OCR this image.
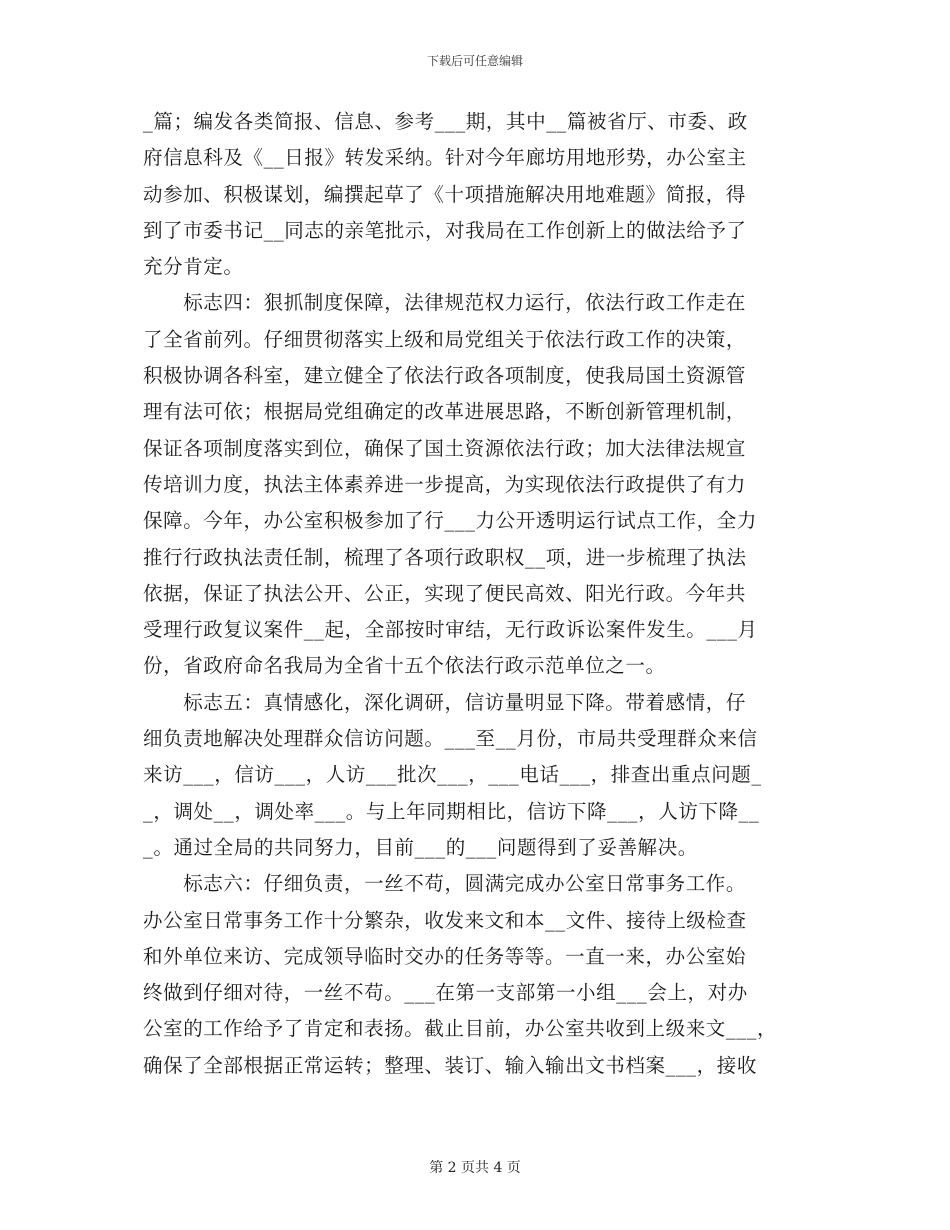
下载后可任意编辑
_篇；编发各类简报、信息、参考___期，其中__篇被省厅、市委、政
府信息科及《__日报》转发采纳。针对今年廊坊用地形势，办公室主
动参加、积极谋划，编撰起草了《十项措施解决用地难题》简报，得
到了市委书记__同志的亲笔批示，对我局在工作创新上的做法给予了
充分肯定。
　　标志四：狠抓制度保障，法律规范权力运行，依法行政工作走在
了全省前列。仔细贯彻落实上级和局党组关于依法行政工作的决策，
积极协调各科室，建立健全了依法行政各项制度，使我局国土资源管
理有法可依；根据局党组确定的改革进展思路，不断创新管理机制，
保证各项制度落实到位，确保了国土资源依法行政；加大法律法规宣
传培训力度，执法主体素养进一步提高，为实现依法行政提供了有力
保障。今年，办公室积极参加了行___力公开透明运行试点工作，全力
推行行政执法责任制，梳理了各项行政职权__项，进一步梳理了执法
依据，保证了执法公开、公正，实现了便民高效、阳光行政。今年共
受理行政复议案件__起，全部按时审结，无行政诉讼案件发生。___月
份，省政府命名我局为全省十五个依法行政示范单位之一。
　　标志五：真情感化，深化调研，信访量明显下降。带着感情，仔
细负责地解决处理群众信访问题。___至__月份，市局共受理群众来信
来访___，信访___，人访___批次___，___电话___，排查出重点问题_
_，调处__，调处率___。与上年同期相比，信访下降___，人访下降__
_。通过全局的共同努力，目前___的___问题得到了妥善解决。
　　标志六：仔细负责，一丝不苟，圆满完成办公室日常事务工作。
办公室日常事务工作十分繁杂，收发来文和本__文件、接待上级检查
和外单位来访、完成领导临时交办的任务等等。一直一来，办公室始
终做到仔细对待，一丝不苟。___在第一支部第一小组___会上，对办
公室的工作给予了肯定和表扬。截止目前，办公室共收到上级来文___，
确保了全部根据正常运转；整理、装订、输入输出文书档案___，接收
第 2 页共 4 页
